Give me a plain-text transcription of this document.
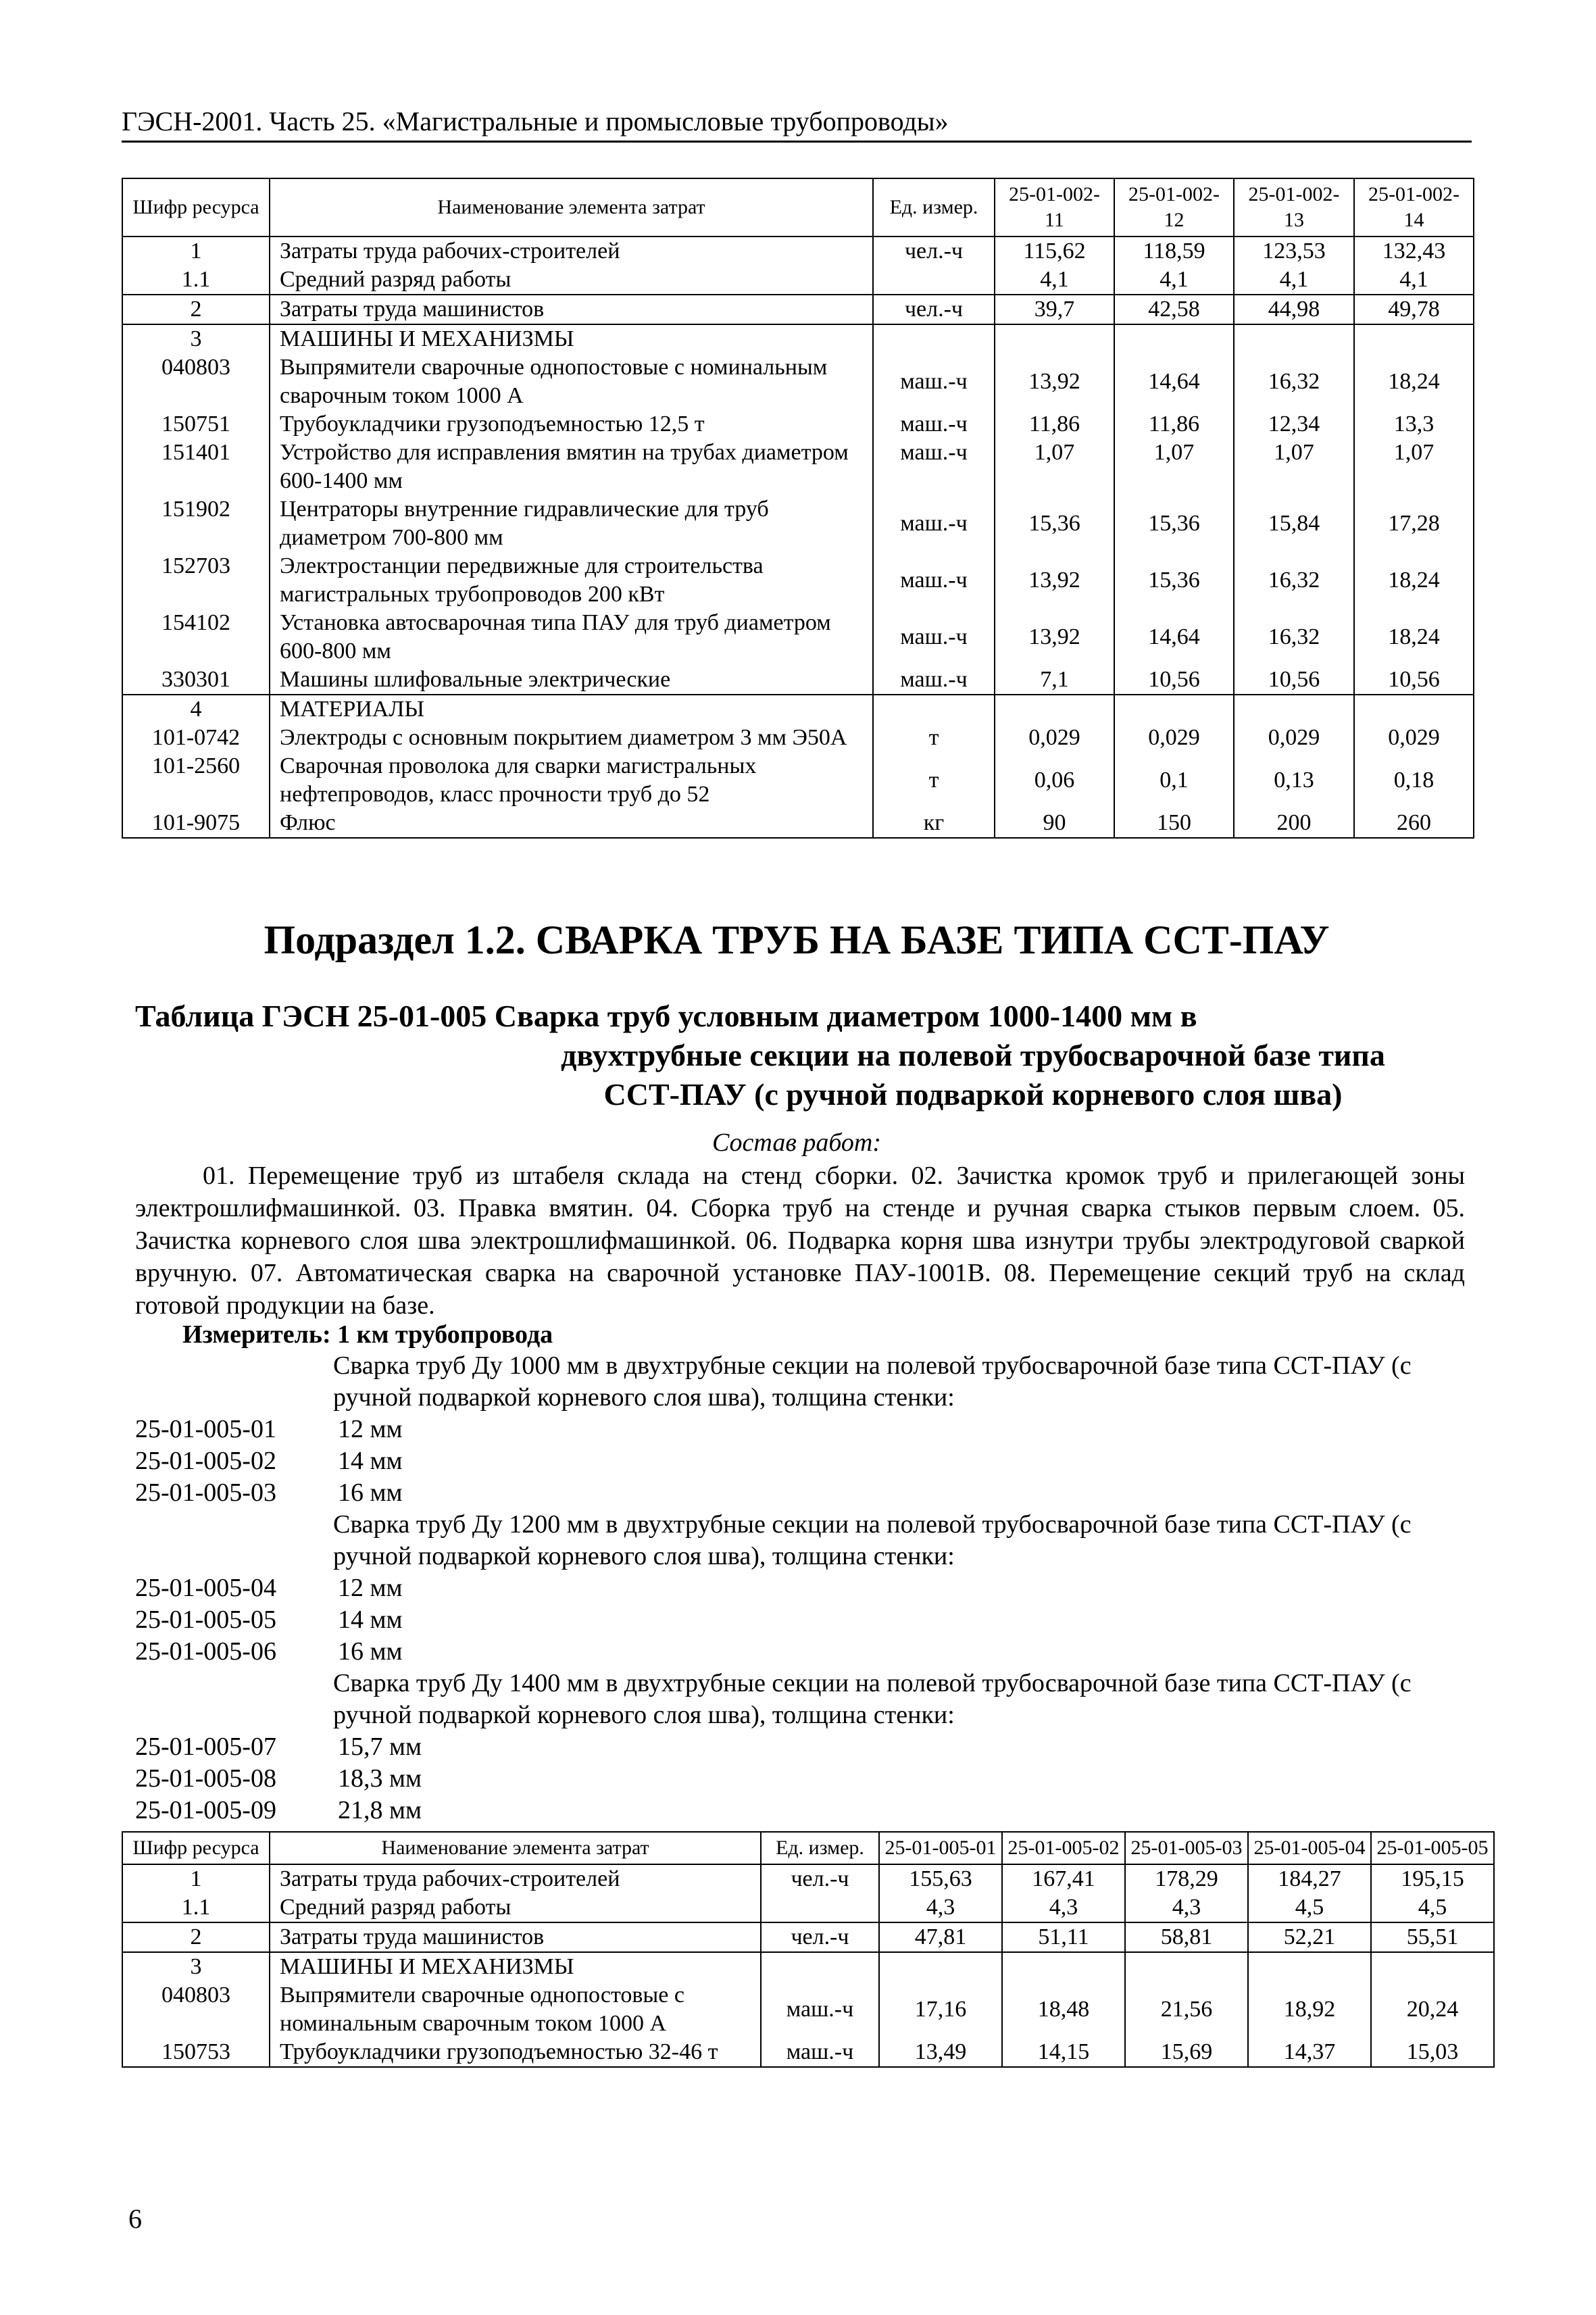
ГЭСН-2001. Часть 25. «Магистральные и промысловые трубопроводы»
Шифр ресурса	Наименование элемента затрат	Ед. измер.	25-01-002-11	25-01-002-12	25-01-002-13	25-01-002-14
1	Затраты труда рабочих-строителей	чел.-ч	115,62	118,59	123,53	132,43
1.1	Средний разряд работы		4,1	4,1	4,1	4,1
2	Затраты труда машинистов	чел.-ч	39,7	42,58	44,98	49,78
3	МАШИНЫ И МЕХАНИЗМЫ					
040803	Выпрямители сварочные однопостовые с номинальным сварочным током 1000 А	маш.-ч	13,92	14,64	16,32	18,24
150751	Трубоукладчики грузоподъемностью 12,5 т	маш.-ч	11,86	11,86	12,34	13,3
151401	Устройство для исправления вмятин на трубах диаметром 600-1400 мм	маш.-ч	1,07	1,07	1,07	1,07
151902	Центраторы внутренние гидравлические для труб диаметром 700-800 мм	маш.-ч	15,36	15,36	15,84	17,28
152703	Электростанции передвижные для строительства магистральных трубопроводов 200 кВт	маш.-ч	13,92	15,36	16,32	18,24
154102	Установка автосварочная типа ПАУ для труб диаметром 600-800 мм	маш.-ч	13,92	14,64	16,32	18,24
330301	Машины шлифовальные электрические	маш.-ч	7,1	10,56	10,56	10,56
4	МАТЕРИАЛЫ					
101-0742	Электроды с основным покрытием диаметром 3 мм Э50А	т	0,029	0,029	0,029	0,029
101-2560	Сварочная проволока для сварки магистральных нефтепроводов, класс прочности труб до 52	т	0,06	0,1	0,13	0,18
101-9075	Флюс	кг	90	150	200	260
Подраздел 1.2. СВАРКА ТРУБ НА БАЗЕ ТИПА ССТ-ПАУ
Таблица ГЭСН 25-01-005 Сварка труб условным диаметром 1000-1400 мм в
двухтрубные секции на полевой трубосварочной базе типа
ССТ-ПАУ (с ручной подваркой корневого слоя шва)
Состав работ:

01. Перемещение труб из штабеля склада на стенд сборки. 02. Зачистка кромок труб и прилегающей зоны электрошлифмашинкой. 03. Правка вмятин. 04. Сборка труб на стенде и ручная сварка стыков первым слоем. 05. Зачистка корневого слоя шва электрошлифмашинкой. 06. Подварка корня шва изнутри трубы электродуговой сваркой вручную. 07. Автоматическая сварка на сварочной установке ПАУ-1001В. 08. Перемещение секций труб на склад готовой продукции на базе.

Измеритель: 1 км трубопровода
Сварка труб Ду 1000 мм в двухтрубные секции на полевой трубосварочной базе типа ССТ-ПАУ (с ручной подваркой корневого слоя шва), толщина стенки:
25-01-005-01	12 мм
25-01-005-02	14 мм
25-01-005-03	16 мм
Сварка труб Ду 1200 мм в двухтрубные секции на полевой трубосварочной базе типа ССТ-ПАУ (с ручной подваркой корневого слоя шва), толщина стенки:
25-01-005-04	12 мм
25-01-005-05	14 мм
25-01-005-06	16 мм
Сварка труб Ду 1400 мм в двухтрубные секции на полевой трубосварочной базе типа ССТ-ПАУ (с ручной подваркой корневого слоя шва), толщина стенки:
25-01-005-07	15,7 мм
25-01-005-08	18,3 мм
25-01-005-09	21,8 мм
Шифр ресурса	Наименование элемента затрат	Ед. измер.	25-01-005-01	25-01-005-02	25-01-005-03	25-01-005-04	25-01-005-05
1	Затраты труда рабочих-строителей	чел.-ч	155,63	167,41	178,29	184,27	195,15
1.1	Средний разряд работы		4,3	4,3	4,3	4,5	4,5
2	Затраты труда машинистов	чел.-ч	47,81	51,11	58,81	52,21	55,51
3	МАШИНЫ И МЕХАНИЗМЫ						
040803	Выпрямители сварочные однопостовые с номинальным сварочным током 1000 А	маш.-ч	17,16	18,48	21,56	18,92	20,24
150753	Трубоукладчики грузоподъемностью 32-46 т	маш.-ч	13,49	14,15	15,69	14,37	15,03
6
